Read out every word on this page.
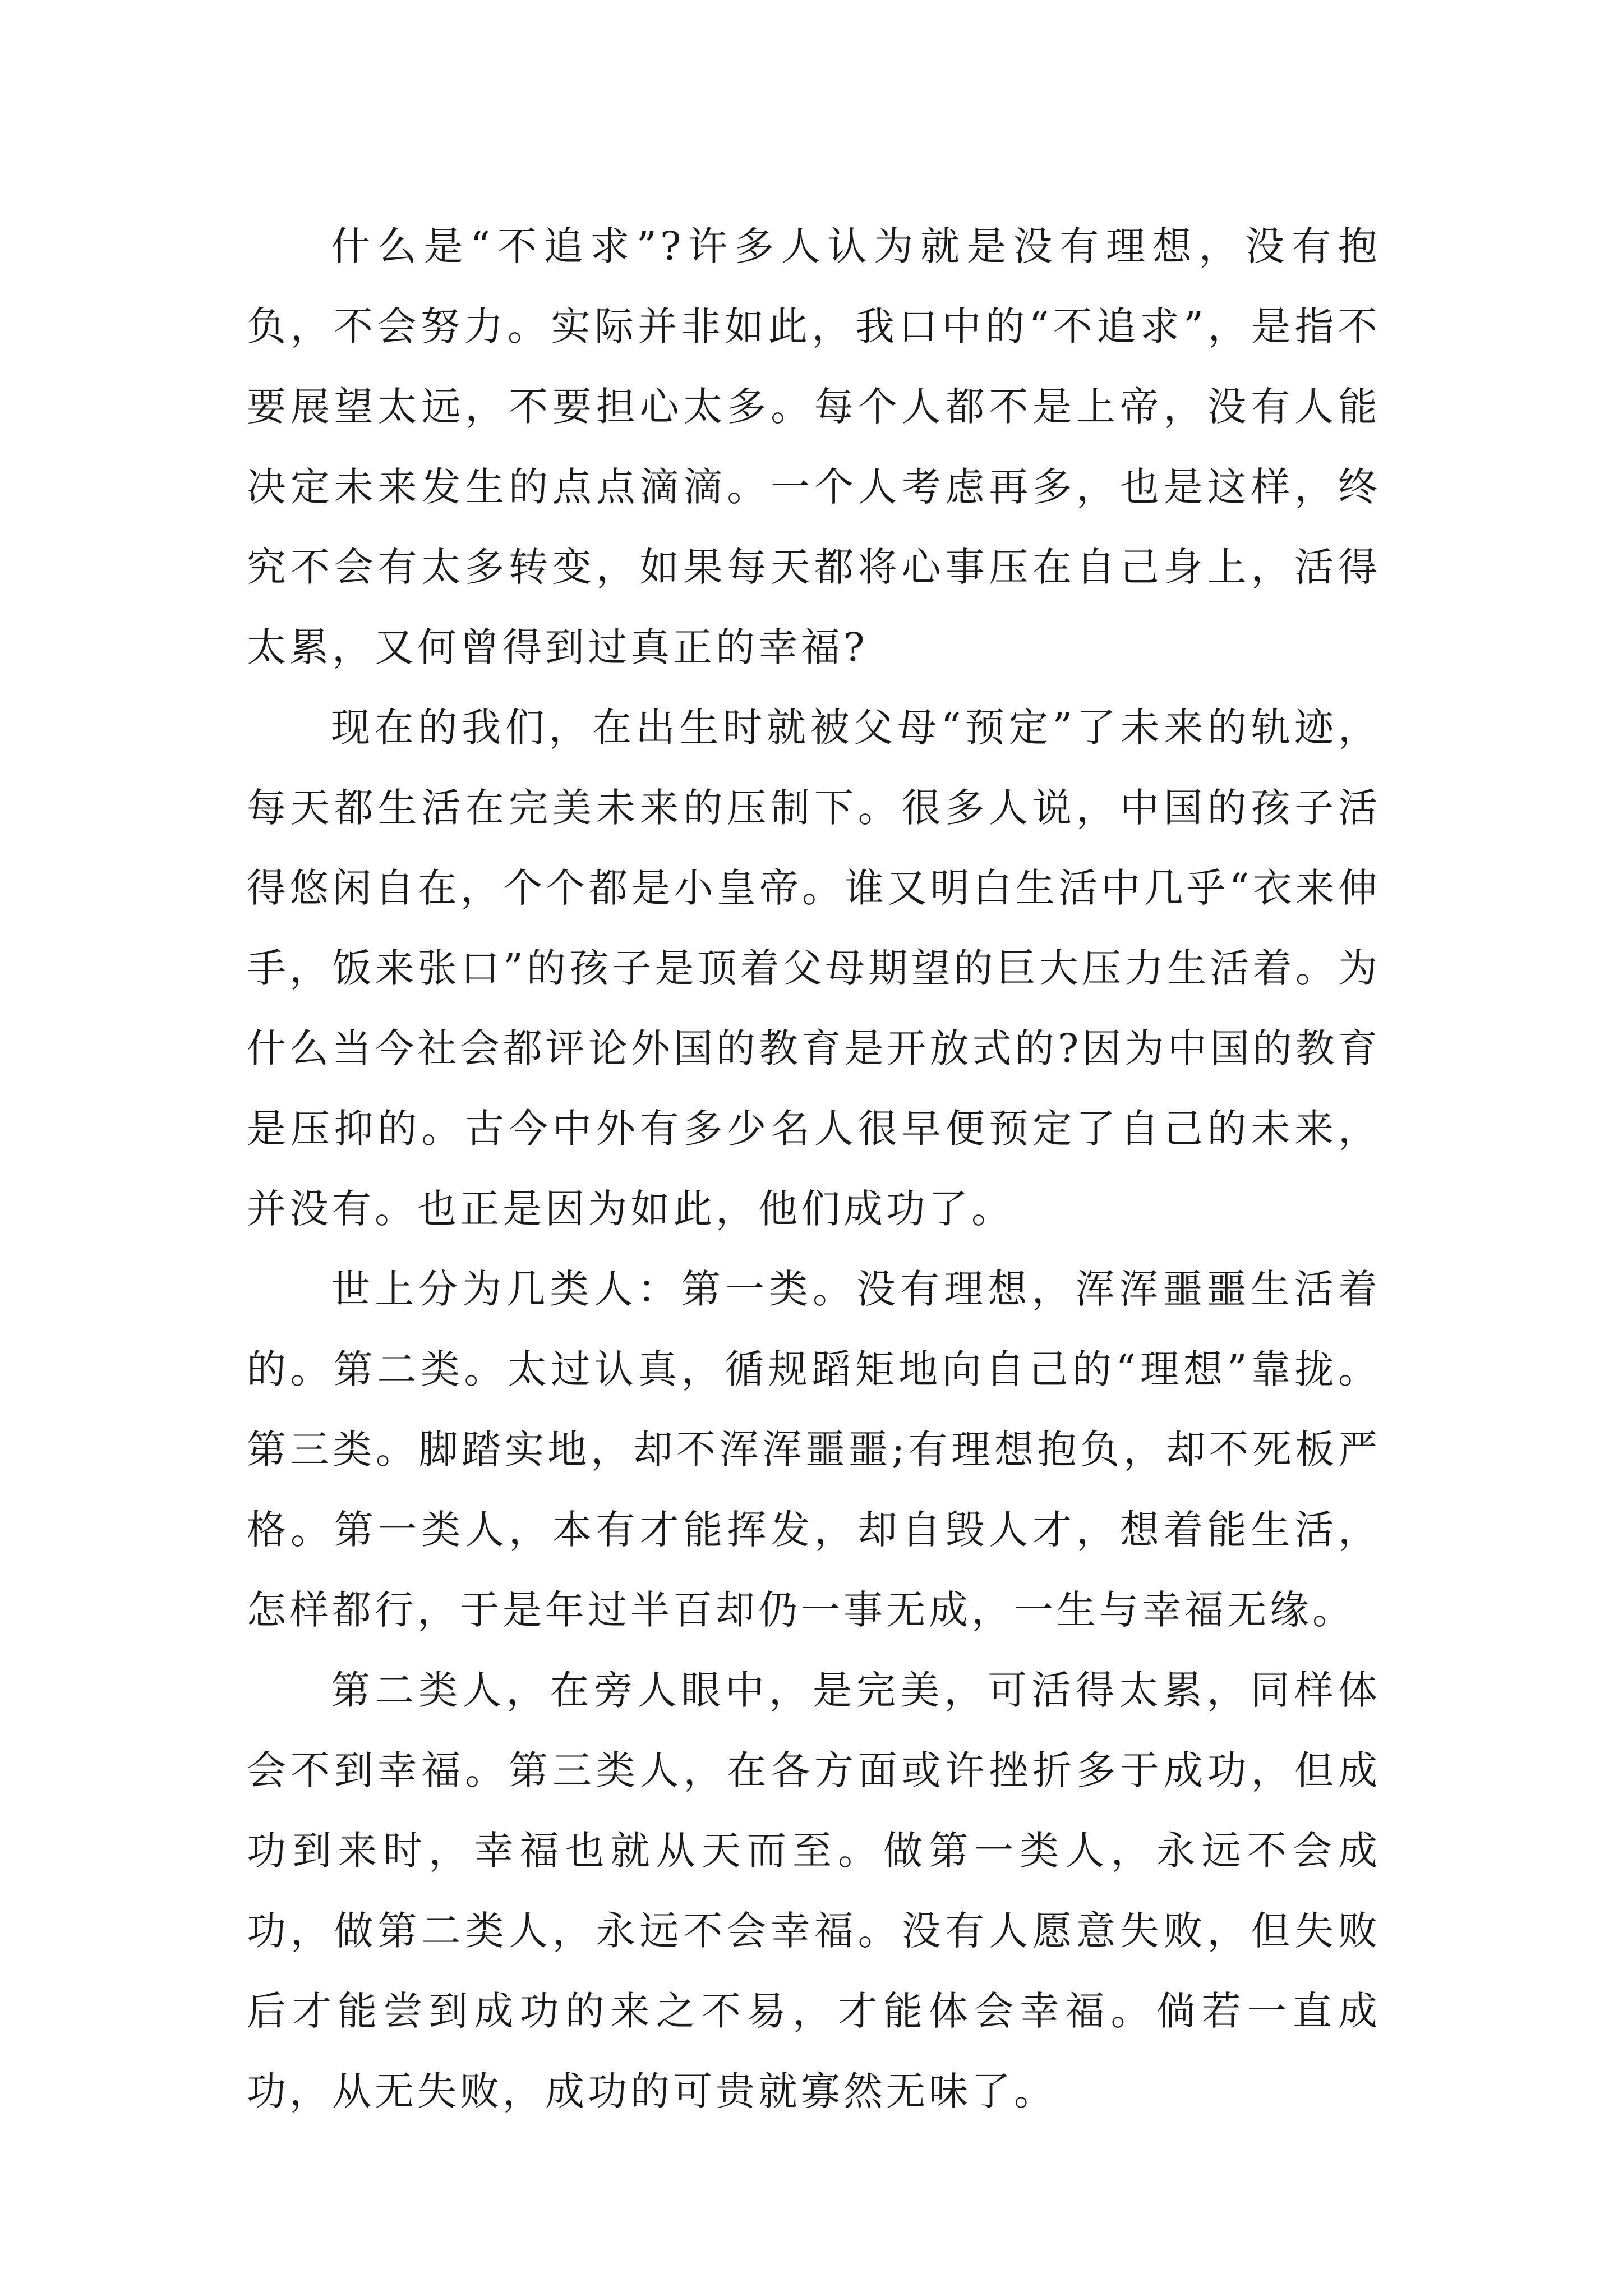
什么是“不追求”?许多人认为就是没有理想，没有抱负，不会努力。实际并非如此，我口中的“不追求”，是指不要展望太远，不要担心太多。每个人都不是上帝，没有人能决定未来发生的点点滴滴。一个人考虑再多，也是这样，终究不会有太多转变，如果每天都将心事压在自己身上，活得太累，又何曾得到过真正的幸福?

现在的我们，在出生时就被父母“预定”了未来的轨迹，每天都生活在完美未来的压制下。很多人说，中国的孩子活得悠闲自在，个个都是小皇帝。谁又明白生活中几乎“衣来伸手，饭来张口”的孩子是顶着父母期望的巨大压力生活着。为什么当今社会都评论外国的教育是开放式的?因为中国的教育是压抑的。古今中外有多少名人很早便预定了自己的未来，并没有。也正是因为如此，他们成功了。

世上分为几类人：第一类。没有理想，浑浑噩噩生活着的。第二类。太过认真，循规蹈矩地向自己的“理想”靠拢。第三类。脚踏实地，却不浑浑噩噩;有理想抱负，却不死板严格。第一类人，本有才能挥发，却自毁人才，想着能生活，怎样都行，于是年过半百却仍一事无成，一生与幸福无缘。

第二类人，在旁人眼中，是完美，可活得太累，同样体会不到幸福。第三类人，在各方面或许挫折多于成功，但成功到来时，幸福也就从天而至。做第一类人，永远不会成功，做第二类人，永远不会幸福。没有人愿意失败，但失败后才能尝到成功的来之不易，才能体会幸福。倘若一直成功，从无失败，成功的可贵就寡然无味了。
